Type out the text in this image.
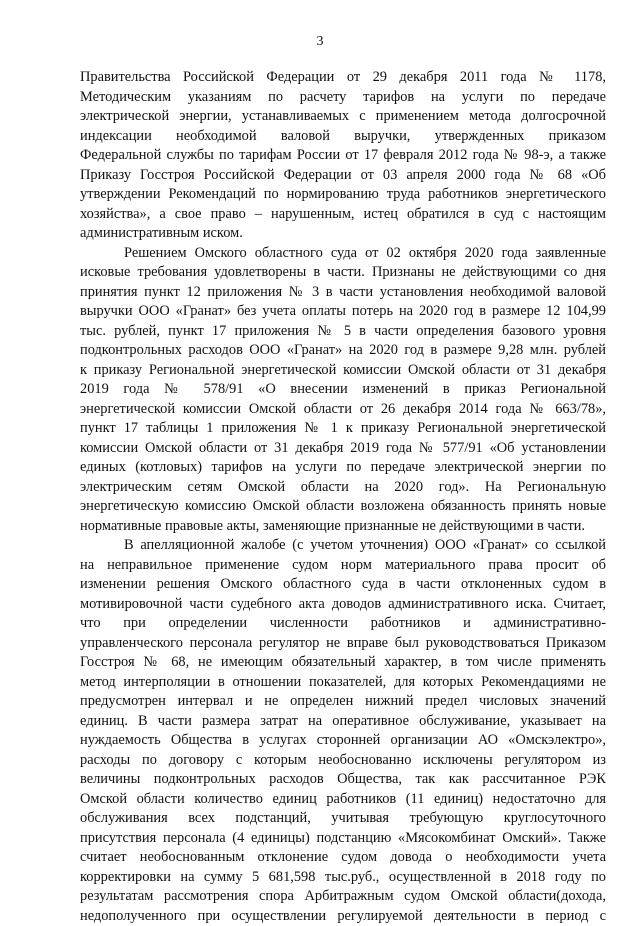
3
Правительства Российской Федерации от 29 декабря 2011 года № 1178,
Методическим указаниям по расчету тарифов на услуги по передаче
электрической энергии, устанавливаемых с применением метода долгосрочной
индексации необходимой валовой выручки, утвержденных приказом
Федеральной службы по тарифам России от 17 февраля 2012 года № 98-э, а также
Приказу Госстроя Российской Федерации от 03 апреля 2000 года № 68 «Об
утверждении Рекомендаций по нормированию труда работников энергетического
хозяйства», а свое право – нарушенным, истец обратился в суд с настоящим
административным иском.
Решением Омского областного суда от 02 октября 2020 года заявленные
исковые требования удовлетворены в части. Признаны не действующими со дня
принятия пункт 12 приложения № 3 в части установления необходимой валовой
выручки ООО «Гранат» без учета оплаты потерь на 2020 год в размере 12 104,99
тыс. рублей, пункт 17 приложения № 5 в части определения базового уровня
подконтрольных расходов ООО «Гранат» на 2020 год в размере 9,28 млн. рублей
к приказу Региональной энергетической комиссии Омской области от 31 декабря
2019 года № 578/91 «О внесении изменений в приказ Региональной
энергетической комиссии Омской области от 26 декабря 2014 года № 663/78»,
пункт 17 таблицы 1 приложения № 1 к приказу Региональной энергетической
комиссии Омской области от 31 декабря 2019 года № 577/91 «Об установлении
единых (котловых) тарифов на услуги по передаче электрической энергии по
электрическим сетям Омской области на 2020 год». На Региональную
энергетическую комиссию Омской области возложена обязанность принять новые
нормативные правовые акты, заменяющие признанные не действующими в части.
В апелляционной жалобе (с учетом уточнения) ООО «Гранат» со ссылкой
на неправильное применение судом норм материального права просит об
изменении решения Омского областного суда в части отклоненных судом в
мотивировочной части судебного акта доводов административного иска. Считает,
что при определении численности работников и административно-
управленческого персонала регулятор не вправе был руководствоваться Приказом
Госстроя № 68, не имеющим обязательный характер, в том числе применять
метод интерполяции в отношении показателей, для которых Рекомендациями не
предусмотрен интервал и не определен нижний предел числовых значений
единиц. В части размера затрат на оперативное обслуживание, указывает на
нуждаемость Общества в услугах сторонней организации АО «Омскэлектро»,
расходы по договору с которым необоснованно исключены регулятором из
величины подконтрольных расходов Общества, так как рассчитанное РЭК
Омской области количество единиц работников (11 единиц) недостаточно для
обслуживания всех подстанций, учитывая требующую круглосуточного
присутствия персонала (4 единицы) подстанцию «Мясокомбинат Омский». Также
считает необоснованным отклонение судом довода о необходимости учета
корректировки на сумму 5 681,598 тыс.руб., осуществленной в 2018 году по
результатам рассмотрения спора Арбитражным судом Омской области(дохода,
недополученного при осуществлении регулируемой деятельности в период с
